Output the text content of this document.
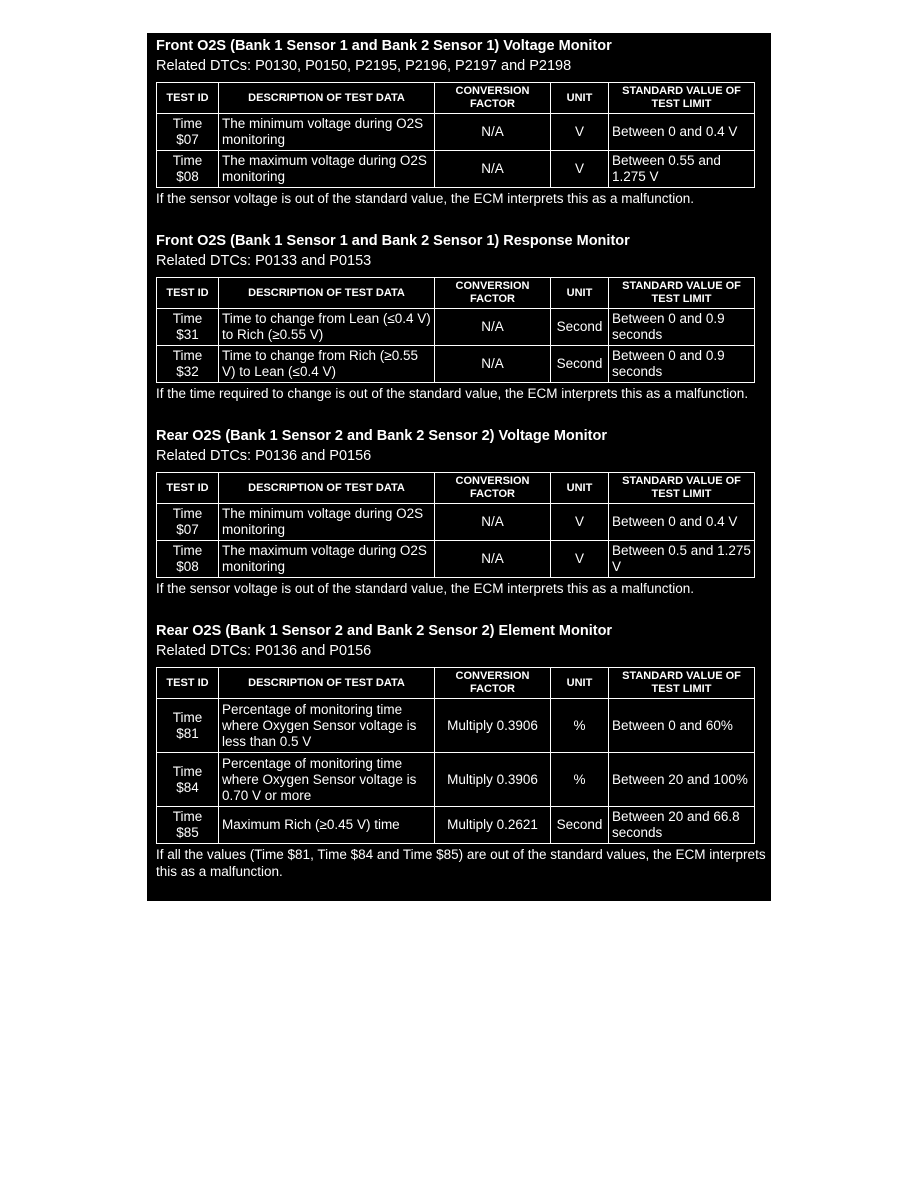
Front O2S (Bank 1 Sensor 1 and Bank 2 Sensor 1) Voltage Monitor
Related DTCs: P0130, P0150, P2195, P2196, P2197 and P2198
TEST ID	DESCRIPTION OF TEST DATA	CONVERSION FACTOR	UNIT	STANDARD VALUE OF TEST LIMIT
Time $07	The minimum voltage during O2S monitoring	N/A	V	Between 0 and 0.4 V
Time $08	The maximum voltage during O2S monitoring	N/A	V	Between 0.55 and 1.275 V
If the sensor voltage is out of the standard value, the ECM interprets this as a malfunction.
Front O2S (Bank 1 Sensor 1 and Bank 2 Sensor 1) Response Monitor
Related DTCs: P0133 and P0153
TEST ID	DESCRIPTION OF TEST DATA	CONVERSION FACTOR	UNIT	STANDARD VALUE OF TEST LIMIT
Time $31	Time to change from Lean (≤0.4 V) to Rich (≥0.55 V)	N/A	Second	Between 0 and 0.9 seconds
Time $32	Time to change from Rich (≥0.55 V) to Lean (≤0.4 V)	N/A	Second	Between 0 and 0.9 seconds
If the time required to change is out of the standard value, the ECM interprets this as a malfunction.
Rear O2S (Bank 1 Sensor 2 and Bank 2 Sensor 2) Voltage Monitor
Related DTCs: P0136 and P0156
TEST ID	DESCRIPTION OF TEST DATA	CONVERSION FACTOR	UNIT	STANDARD VALUE OF TEST LIMIT
Time $07	The minimum voltage during O2S monitoring	N/A	V	Between 0 and 0.4 V
Time $08	The maximum voltage during O2S monitoring	N/A	V	Between 0.5 and 1.275 V
If the sensor voltage is out of the standard value, the ECM interprets this as a malfunction.
Rear O2S (Bank 1 Sensor 2 and Bank 2 Sensor 2) Element Monitor
Related DTCs: P0136 and P0156
TEST ID	DESCRIPTION OF TEST DATA	CONVERSION FACTOR	UNIT	STANDARD VALUE OF TEST LIMIT
Time $81	Percentage of monitoring time where Oxygen Sensor voltage is less than 0.5 V	Multiply 0.3906	%	Between 0 and 60%
Time $84	Percentage of monitoring time where Oxygen Sensor voltage is 0.70 V or more	Multiply 0.3906	%	Between 20 and 100%
Time $85	Maximum Rich (≥0.45 V) time	Multiply 0.2621	Second	Between 20 and 66.8 seconds
If all the values (Time $81, Time $84 and Time $85) are out of the standard values, the ECM interprets this as a malfunction.
